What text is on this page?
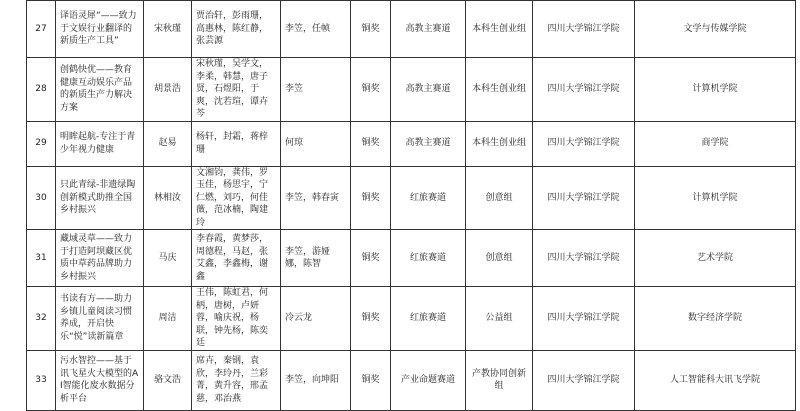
27	译语灵犀“——致力于文娱行业翻译的新质生产工具”	宋秋瑾	贾治轩，彭雨珊，高惠林，陈红静，张芸源	李笠，任帧	铜奖	高教主赛道	本科生创业组	四川大学锦江学院	文学与传媒学院
28	创鹤快优——教育健康互动娱乐产品的新质生产力解决方案	胡景浩	宋秋瑾，吴学文，李柔，韩慧，唐子贤，石煜阳，于爽，沈若瑄，谭卉芩	李笠	铜奖	高教主赛道	本科生创业组	四川大学锦江学院	计算机学院
29	明眸起航-专注于青少年视力健康	赵易	杨轩，封霜，蒋梓珊	何琼	铜奖	高教主赛道	本科生创业组	四川大学锦江学院	商学院
30	只此青绿-非遗绿陶创新模式助推全国乡村振兴	林相汝	文湘钧，龚伟，罗玉佳，杨思宇，宁仁燃，刘巧，何佳薇，范冰楠，陶建玲	李笠，韩春寅	铜奖	红旅赛道	创意组	四川大学锦江学院	计算机学院
31	藏域灵草——致力于打造阿坝藏区优质中草药品牌助力乡村振兴	马庆	李春霞，黄梦莎，周德程，马赵，张艾鑫，李鑫梅，谢鑫	李笠，游娅娜，陈智	铜奖	红旅赛道	创意组	四川大学锦江学院	艺术学院
32	书读有方——助力乡镇儿童阅读习惯养成，开启快乐“悦”读新篇章	周洁	王伟，陈虹君，何柄，唐树，卢妍蓉，喻庆祝，杨联，钟先杨，陈奕廷	冷云龙	铜奖	红旅赛道	公益组	四川大学锦江学院	数字经济学院
33	污水智控——基于讯飞星火大模型的AI智能化废水数据分析平台	骆文浩	席卉，秦钢，袁欣，李玲丹，兰彩菁，黄升容，邢孟慈，邓治燕	李笠，向坤阳	铜奖	产业命题赛道	产教协同创新组	四川大学锦江学院	人工智能科大讯飞学院
